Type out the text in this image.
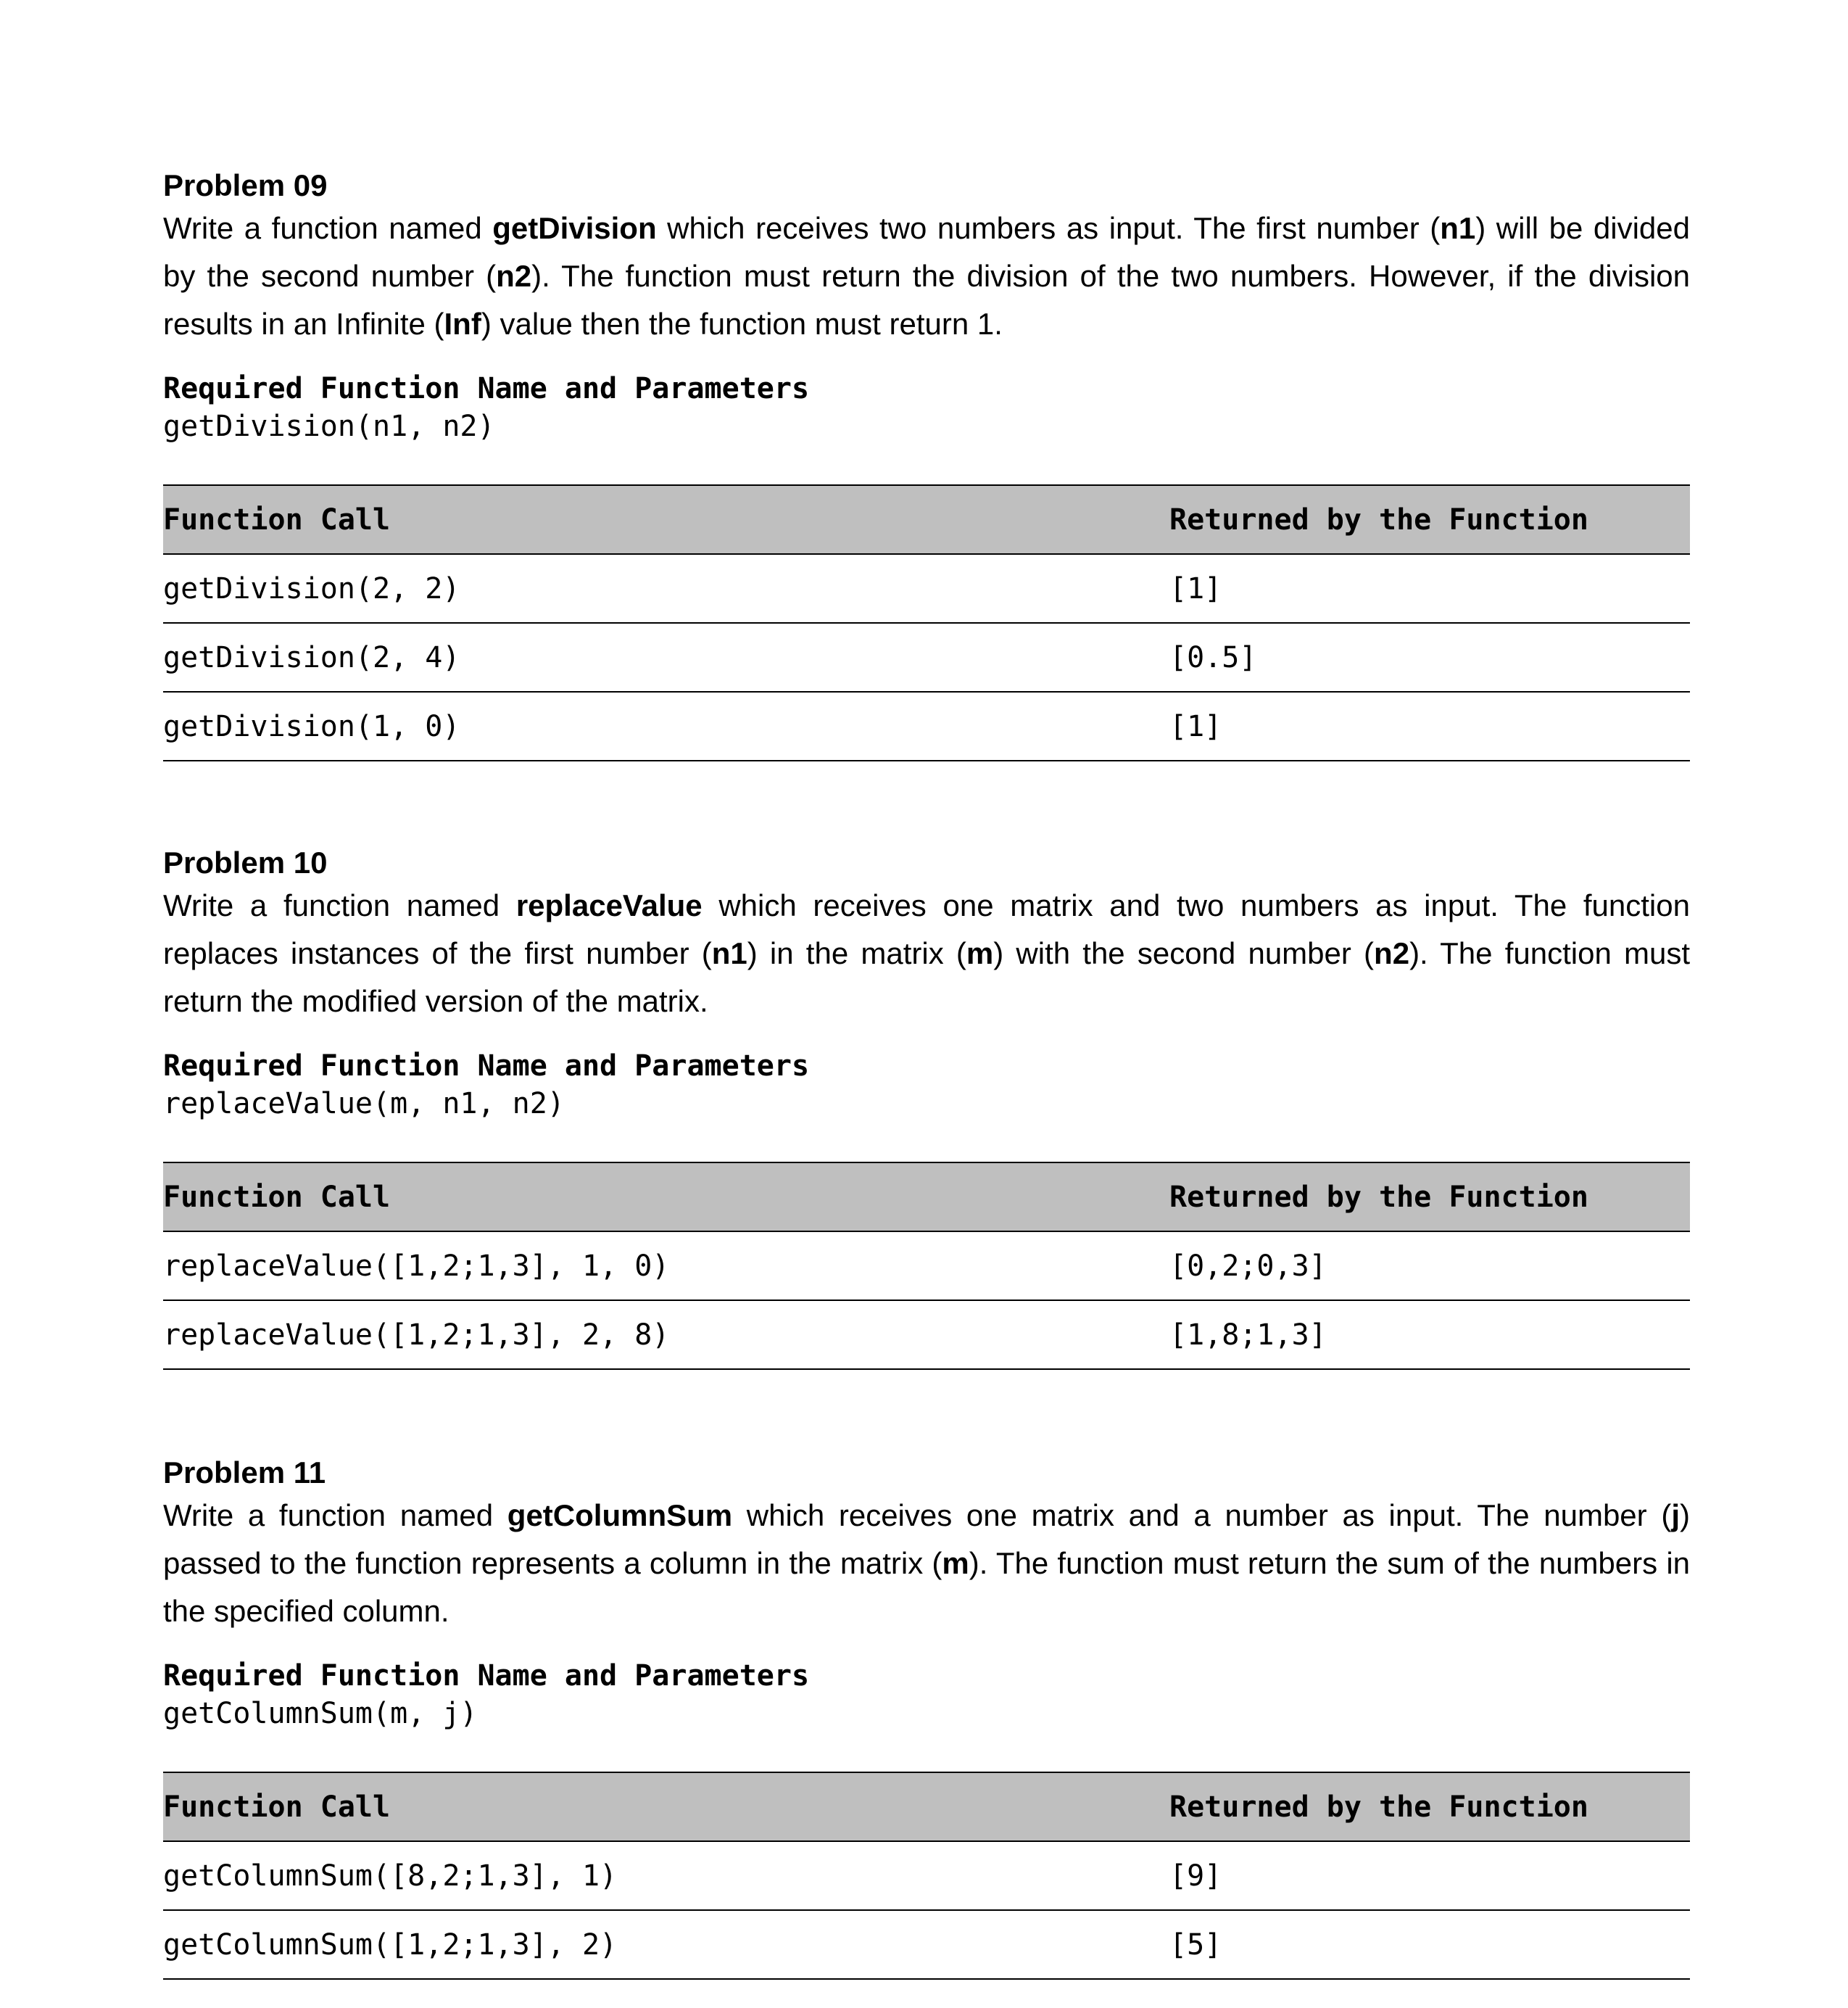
Problem 09

Write a function named getDivision which receives two numbers as input. The first number (n1) will be divided by the second number (n2). The function must return the division of the two numbers. However, if the division results in an Infinite (Inf) value then the function must return 1.

Required Function Name and Parameters
getDivision(n1, n2)
Function Call	Returned by the Function
getDivision(2, 2)	[1]
getDivision(2, 4)	[0.5]
getDivision(1, 0)	[1]
Problem 10

Write a function named replaceValue which receives one matrix and two numbers as input. The function replaces instances of the first number (n1) in the matrix (m) with the second number (n2). The function must return the modified version of the matrix.

Required Function Name and Parameters
replaceValue(m, n1, n2)
Function Call	Returned by the Function
replaceValue([1,2;1,3], 1, 0)	[0,2;0,3]
replaceValue([1,2;1,3], 2, 8)	[1,8;1,3]
Problem 11

Write a function named getColumnSum which receives one matrix and a number as input. The number (j) passed to the function represents a column in the matrix (m). The function must return the sum of the numbers in the specified column.

Required Function Name and Parameters
getColumnSum(m, j)
Function Call	Returned by the Function
getColumnSum([8,2;1,3], 1)	[9]
getColumnSum([1,2;1,3], 2)	[5]
